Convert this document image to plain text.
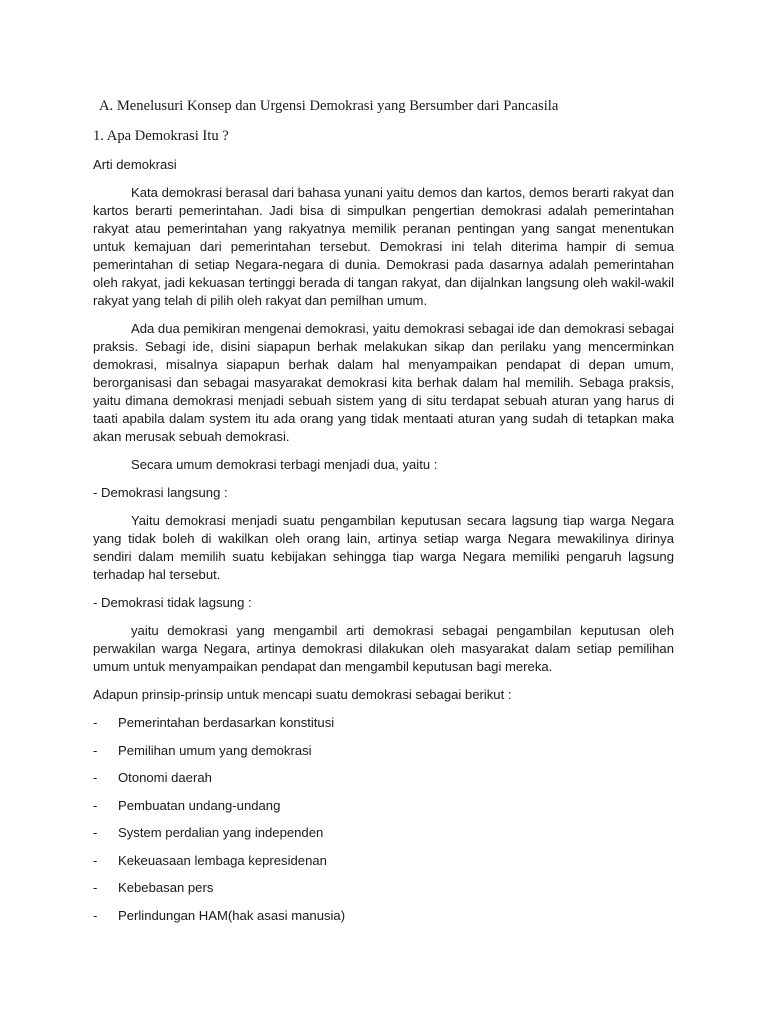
A. Menelusuri Konsep dan Urgensi Demokrasi yang Bersumber dari Pancasila

1. Apa Demokrasi Itu ?

Arti demokrasi

Kata demokrasi berasal dari bahasa yunani yaitu demos dan kartos, demos berarti rakyat dan kartos berarti pemerintahan. Jadi bisa di simpulkan pengertian demokrasi adalah pemerintahan rakyat atau pemerintahan yang rakyatnya memilik peranan pentingan yang sangat menentukan untuk kemajuan dari pemerintahan tersebut. Demokrasi ini telah diterima hampir di semua pemerintahan di setiap Negara-negara di dunia. Demokrasi pada dasarnya adalah pemerintahan oleh rakyat, jadi kekuasan tertinggi berada di tangan rakyat, dan dijalnkan langsung oleh wakil-wakil rakyat yang telah di pilih oleh rakyat dan pemilhan umum.

Ada dua pemikiran mengenai demokrasi, yaitu demokrasi sebagai ide dan demokrasi sebagai praksis. Sebagi ide, disini siapapun berhak melakukan sikap dan perilaku yang mencerminkan demokrasi, misalnya siapapun berhak dalam hal menyampaikan pendapat di depan umum, berorganisasi dan sebagai masyarakat demokrasi kita berhak dalam hal memilih. Sebaga praksis, yaitu dimana demokrasi menjadi sebuah sistem yang di situ terdapat sebuah aturan yang harus di taati apabila dalam system itu ada orang yang tidak mentaati aturan yang sudah di tetapkan maka akan merusak sebuah demokrasi.

Secara umum demokrasi terbagi menjadi dua, yaitu :

- Demokrasi langsung :

Yaitu demokrasi menjadi suatu pengambilan keputusan secara lagsung tiap warga Negara yang tidak boleh di wakilkan oleh orang lain, artinya setiap warga Negara mewakilinya dirinya sendiri dalam memilih suatu kebijakan sehingga tiap warga Negara memiliki pengaruh lagsung terhadap hal tersebut.

- Demokrasi tidak lagsung :

yaitu demokrasi yang mengambil arti demokrasi sebagai pengambilan keputusan oleh perwakilan warga Negara, artinya demokrasi dilakukan oleh masyarakat dalam setiap pemilihan umum untuk menyampaikan pendapat dan mengambil keputusan bagi mereka.

Adapun prinsip-prinsip untuk mencapi suatu demokrasi sebagai berikut :

- Pemerintahan berdasarkan konstitusi
- Pemilihan umum yang demokrasi
- Otonomi daerah
- Pembuatan undang-undang
- System perdalian yang independen
- Kekeuasaan lembaga kepresidenan
- Kebebasan pers
- Perlindungan HAM(hak asasi manusia)
